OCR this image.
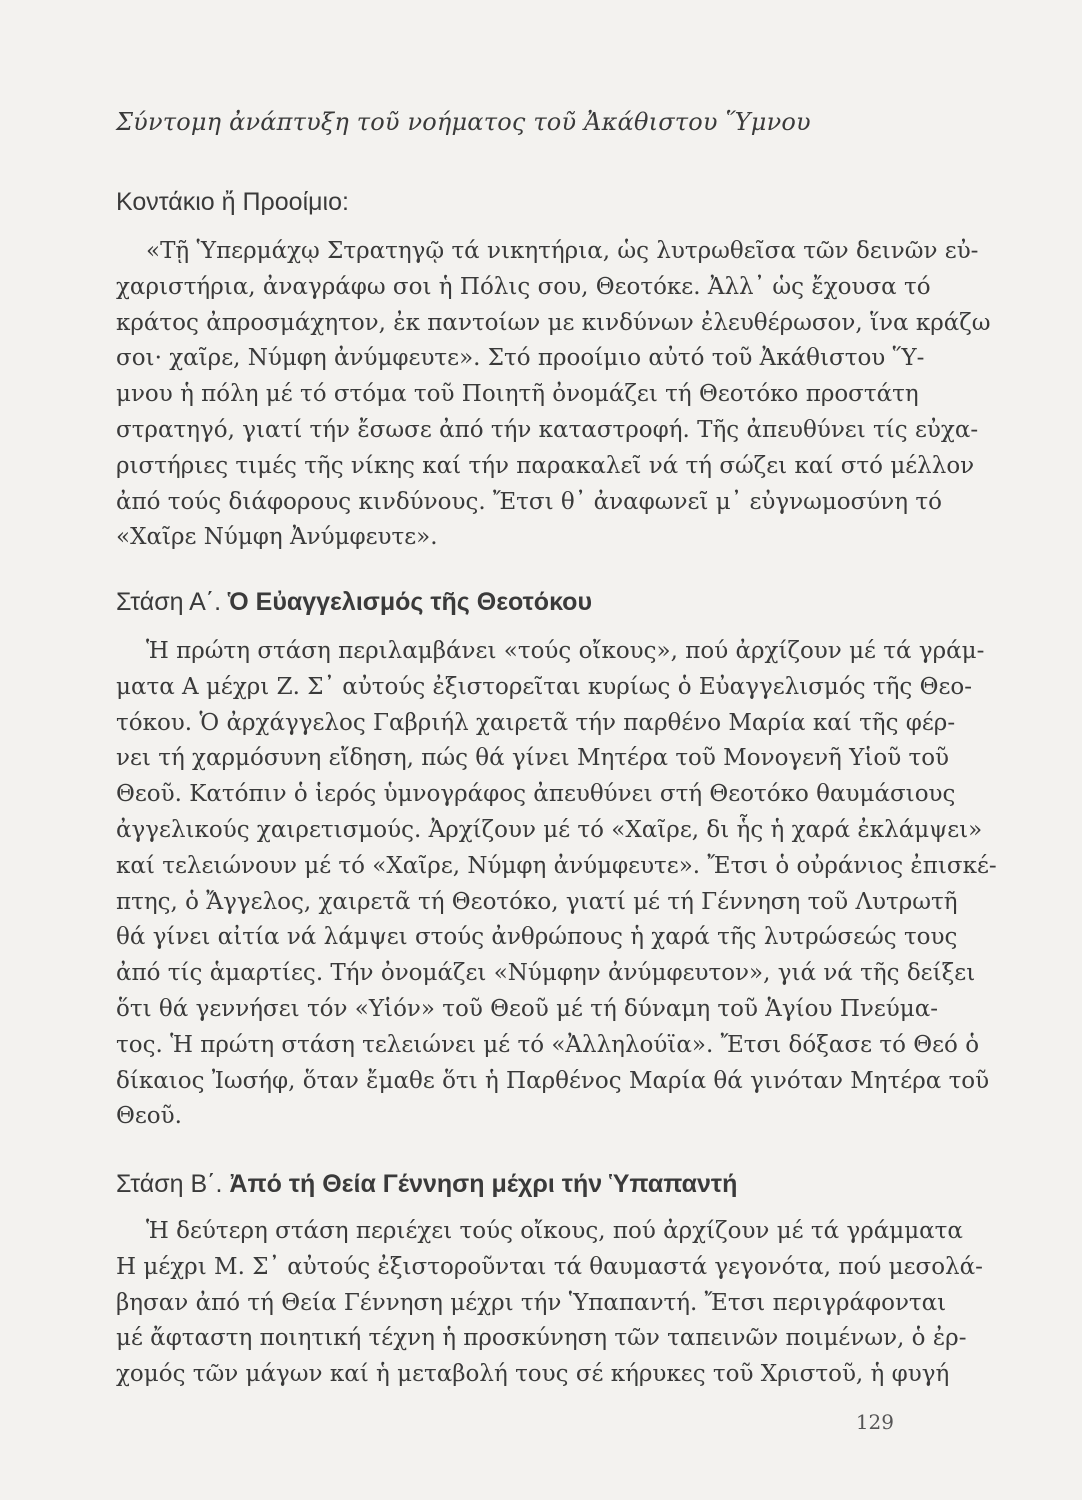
Σύντομη ἀνάπτυξη τοῦ νοήματος τοῦ Ἀκάθιστου Ὕμνου
Κοντάκιο ἤ Προοίμιο:

«Τῇ Ὑπερμάχῳ Στρατηγῷ τά νικητήρια, ὡς λυτρωθεῖσα τῶν δεινῶν εὐ-
χαριστήρια, ἀναγράφω σοι ἡ Πόλις σου, Θεοτόκε. Ἀλλ᾽ ὡς ἔχουσα τό
κράτος ἀπροσμάχητον, ἐκ παντοίων με κινδύνων ἐλευθέρωσον, ἵνα κράζω
σοι· χαῖρε, Νύμφη ἀνύμφευτε». Στό προοίμιο αὐτό τοῦ Ἀκάθιστου Ὕ-
μνου ἡ πόλη μέ τό στόμα τοῦ Ποιητῆ ὀνομάζει τή Θεοτόκο προστάτη
στρατηγό, γιατί τήν ἔσωσε ἀπό τήν καταστροφή. Τῆς ἀπευθύνει τίς εὐχα-
ριστήριες τιμές τῆς νίκης καί τήν παρακαλεῖ νά τή σώζει καί στό μέλλον
ἀπό τούς διάφορους κινδύνους. Ἔτσι θ᾽ ἀναφωνεῖ μ᾽ εὐγνωμοσύνη τό
«Χαῖρε Νύμφη Ἀνύμφευτε».

Στάση Α΄. Ὁ Εὐαγγελισμός τῆς Θεοτόκου

Ἡ πρώτη στάση περιλαμβάνει «τούς οἴκους», πού ἀρχίζουν μέ τά γράμ-
ματα Α μέχρι Ζ. Σ᾽ αὐτούς ἐξιστορεῖται κυρίως ὁ Εὐαγγελισμός τῆς Θεο-
τόκου. Ὁ ἀρχάγγελος Γαβριήλ χαιρετᾶ τήν παρθένο Μαρία καί τῆς φέρ-
νει τή χαρμόσυνη εἴδηση, πώς θά γίνει Μητέρα τοῦ Μονογενῆ Υἱοῦ τοῦ
Θεοῦ. Κατόπιν ὁ ἱερός ὑμνογράφος ἀπευθύνει στή Θεοτόκο θαυμάσιους
ἀγγελικούς χαιρετισμούς. Ἀρχίζουν μέ τό «Χαῖρε, δι ἧς ἡ χαρά ἐκλάμψει»
καί τελειώνουν μέ τό «Χαῖρε, Νύμφη ἀνύμφευτε». Ἔτσι ὁ οὐράνιος ἐπισκέ-
πτης, ὁ Ἄγγελος, χαιρετᾶ τή Θεοτόκο, γιατί μέ τή Γέννηση τοῦ Λυτρωτῆ
θά γίνει αἰτία νά λάμψει στούς ἀνθρώπους ἡ χαρά τῆς λυτρώσεώς τους
ἀπό τίς ἁμαρτίες. Τήν ὀνομάζει «Νύμφην ἀνύμφευτον», γιά νά τῆς δείξει
ὅτι θά γεννήσει τόν «Υἱόν» τοῦ Θεοῦ μέ τή δύναμη τοῦ Ἁγίου Πνεύμα-
τος. Ἡ πρώτη στάση τελειώνει μέ τό «Ἀλληλούϊα». Ἔτσι δόξασε τό Θεό ὁ
δίκαιος Ἰωσήφ, ὅταν ἔμαθε ὅτι ἡ Παρθένος Μαρία θά γινόταν Μητέρα τοῦ
Θεοῦ.

Στάση Β΄. Ἀπό τή Θεία Γέννηση μέχρι τήν Ὑπαπαντή

Ἡ δεύτερη στάση περιέχει τούς οἴκους, πού ἀρχίζουν μέ τά γράμματα
Η μέχρι Μ. Σ᾽ αὐτούς ἐξιστοροῦνται τά θαυμαστά γεγονότα, πού μεσολά-
βησαν ἀπό τή Θεία Γέννηση μέχρι τήν Ὑπαπαντή. Ἔτσι περιγράφονται
μέ ἄφταστη ποιητική τέχνη ἡ προσκύνηση τῶν ταπεινῶν ποιμένων, ὁ ἐρ-
χομός τῶν μάγων καί ἡ μεταβολή τους σέ κήρυκες τοῦ Χριστοῦ, ἡ φυγή

129
